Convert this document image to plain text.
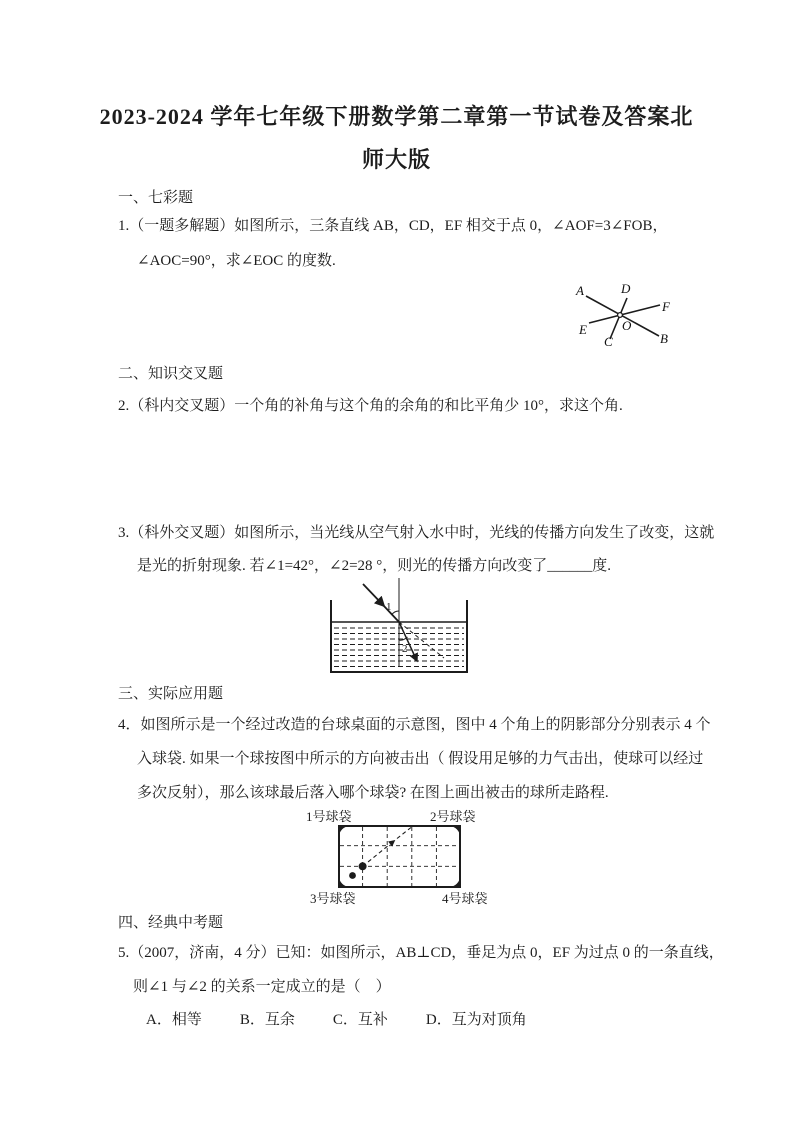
2023-2024 学年七年级下册数学第二章第一节试卷及答案北
师大版
一、七彩题
1.（一题多解题）如图所示，三条直线 AB，CD，EF 相交于点 0，∠AOF=3∠FOB，
∠AOC=90°，求∠EOC 的度数.
A	D
F
E	O
C	B
二、知识交叉题
2.（科内交叉题）一个角的补角与这个角的余角的和比平角少 10°，求这个角.
3.（科外交叉题）如图所示，当光线从空气射入水中时，光线的传播方向发生了改变，这就
是光的折射现象. 若∠1=42°，∠2=28 °，则光的传播方向改变了______度.
1
2
三、实际应用题
4．如图所示是一个经过改造的台球桌面的示意图，图中 4 个角上的阴影部分分别表示 4 个
入球袋. 如果一个球按图中所示的方向被击出（ 假设用足够的力气击出，使球可以经过
多次反射），那么该球最后落入哪个球袋? 在图上画出被击的球所走路程.
1号球袋	2号球袋
3号球袋	4号球袋
四、经典中考题
5.（2007，济南，4 分）已知：如图所示，AB⊥CD，垂足为点 0，EF 为过点 0 的一条直线，
则∠1 与∠2 的关系一定成立的是（　）
A．相等	B．互余	C．互补	D．互为对顶角
